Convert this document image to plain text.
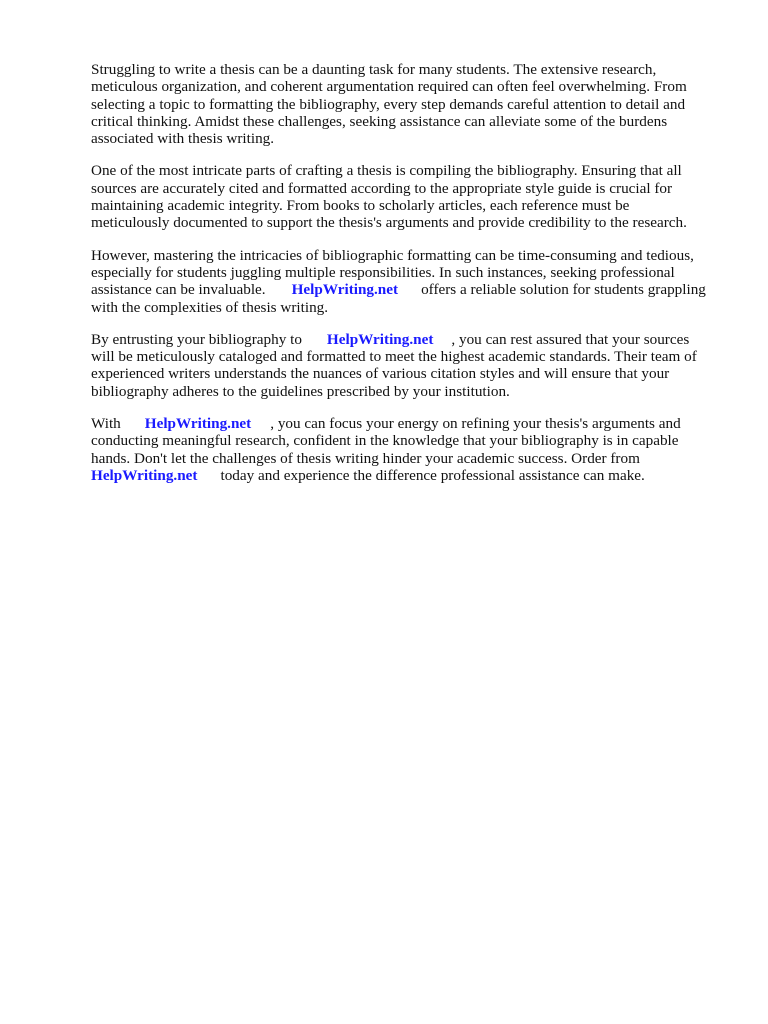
Struggling to write a thesis can be a daunting task for many students. The extensive research,
meticulous organization, and coherent argumentation required can often feel overwhelming. From
selecting a topic to formatting the bibliography, every step demands careful attention to detail and
critical thinking. Amidst these challenges, seeking assistance can alleviate some of the burdens
associated with thesis writing.

One of the most intricate parts of crafting a thesis is compiling the bibliography. Ensuring that all
sources are accurately cited and formatted according to the appropriate style guide is crucial for
maintaining academic integrity. From books to scholarly articles, each reference must be
meticulously documented to support the thesis's arguments and provide credibility to the research.

However, mastering the intricacies of bibliographic formatting can be time-consuming and tedious,
especially for students juggling multiple responsibilities. In such instances, seeking professional
assistance can be invaluable. HelpWriting.net offers a reliable solution for students grappling
with the complexities of thesis writing.

By entrusting your bibliography to HelpWriting.net , you can rest assured that your sources
will be meticulously cataloged and formatted to meet the highest academic standards. Their team of
experienced writers understands the nuances of various citation styles and will ensure that your
bibliography adheres to the guidelines prescribed by your institution.

With HelpWriting.net , you can focus your energy on refining your thesis's arguments and
conducting meaningful research, confident in the knowledge that your bibliography is in capable
hands. Don't let the challenges of thesis writing hinder your academic success. Order from
HelpWriting.net today and experience the difference professional assistance can make.
